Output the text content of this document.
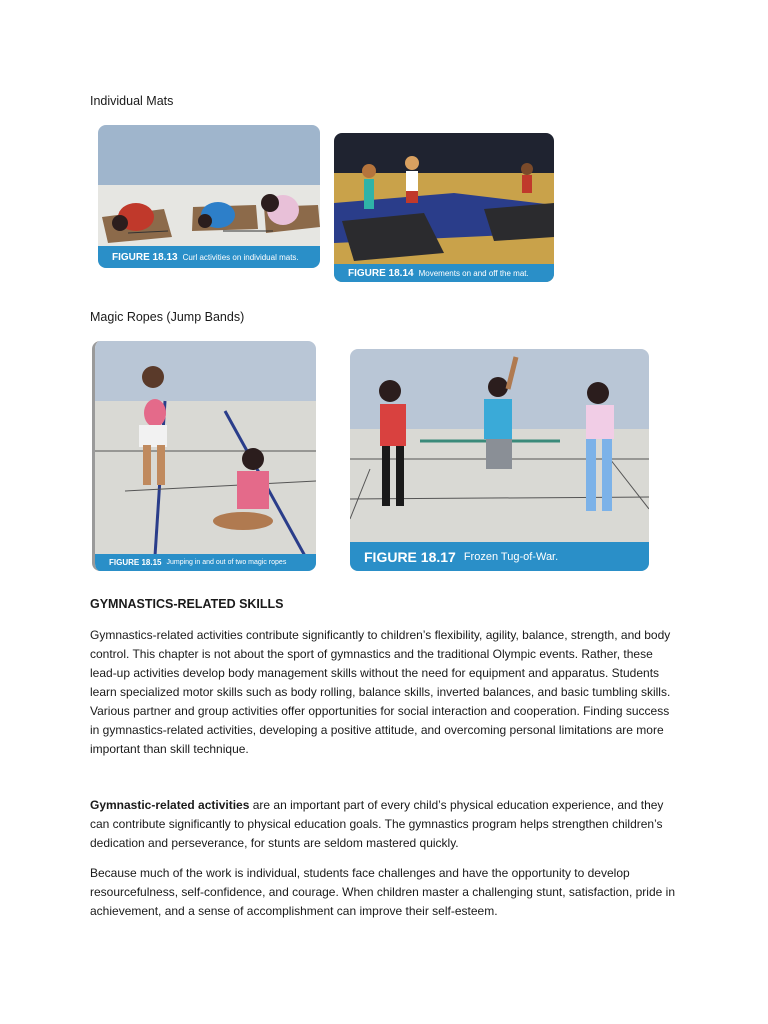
Individual Mats
FIGURE 18.13 Curl activities on individual mats.
FIGURE 18.14 Movements on and off the mat.
Magic Ropes (Jump Bands)
FIGURE 18.15 Jumping in and out of two magic ropes	FIGURE 18.17 Frozen Tug-of-War.
GYMNASTICS-RELATED SKILLS

Gymnastics-related activities contribute significantly to children’s flexibility, agility, balance, strength, and body control. This chapter is not about the sport of gymnastics and the traditional Olympic events. Rather, these lead-up activities develop body management skills without the need for equipment and apparatus. Students learn specialized motor skills such as body rolling, balance skills, inverted balances, and basic tumbling skills. Various partner and group activities offer opportunities for social interaction and cooperation. Finding success in gymnastics-related activities, developing a positive attitude, and overcoming personal limitations are more important than skill technique.

Gymnastic-related activities are an important part of every child’s physical education experience, and they can contribute significantly to physical education goals. The gymnastics program helps strengthen children’s dedication and perseverance, for stunts are seldom mastered quickly.

Because much of the work is individual, students face challenges and have the opportunity to develop resourcefulness, self-confidence, and courage. When children master a challenging stunt, satisfaction, pride in achievement, and a sense of accomplishment can improve their self-esteem.
